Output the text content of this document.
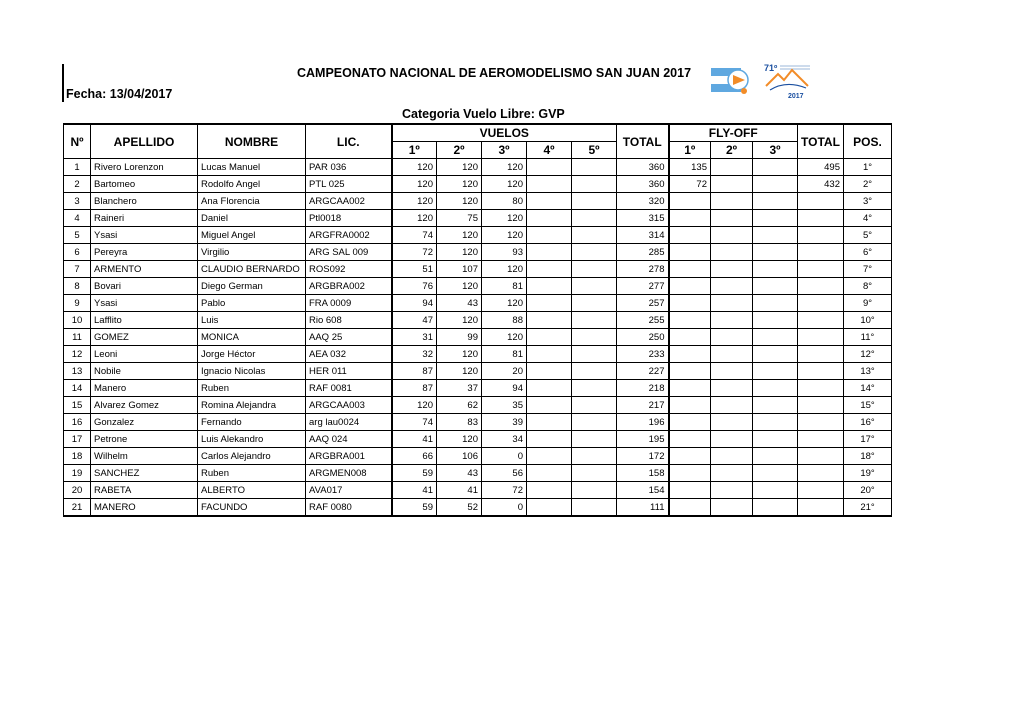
CAMPEONATO NACIONAL DE AEROMODELISMO SAN JUAN 2017
Fecha: 13/04/2017
Categoria Vuelo Libre: GVP
71º
2017
Nº	APELLIDO	NOMBRE	LIC.	VUELOS					TOTAL	FLY-OFF			TOTAL	POS.
				1º	2º	3º	4º	5º		1º	2º	3º		
1	Rivero Lorenzon	Lucas Manuel	PAR 036	120	120	120			360	135			495	1°
2	Bartomeo	Rodolfo Angel	PTL 025	120	120	120			360	72			432	2°
3	Blanchero	Ana Florencia	ARGCAA002	120	120	80			320					3°
4	Raineri	Daniel	Ptl0018	120	75	120			315					4°
5	Ysasi	Miguel Angel	ARGFRA0002	74	120	120			314					5°
6	Pereyra	Virgilio	ARG SAL 009	72	120	93			285					6°
7	ARMENTO	CLAUDIO BERNARDO	ROS092	51	107	120			278					7°
8	Bovari	Diego German	ARGBRA002	76	120	81			277					8°
9	Ysasi	Pablo	FRA 0009	94	43	120			257					9°
10	Lafflito	Luis	Rio 608	47	120	88			255					10°
11	GOMEZ	MONICA	AAQ 25	31	99	120			250					11°
12	Leoni	Jorge Héctor	AEA 032	32	120	81			233					12°
13	Nobile	Ignacio Nicolas	HER 011	87	120	20			227					13°
14	Manero	Ruben	RAF 0081	87	37	94			218					14°
15	Alvarez Gomez	Romina Alejandra	ARGCAA003	120	62	35			217					15°
16	Gonzalez	Fernando	arg lau0024	74	83	39			196					16°
17	Petrone	Luis Alekandro	AAQ 024	41	120	34			195					17°
18	Wilhelm	Carlos Alejandro	ARGBRA001	66	106	0			172					18°
19	SANCHEZ	Ruben	ARGMEN008	59	43	56			158					19°
20	RABETA	ALBERTO	AVA017	41	41	72			154					20°
21	MANERO	FACUNDO	RAF 0080	59	52	0			111					21°
